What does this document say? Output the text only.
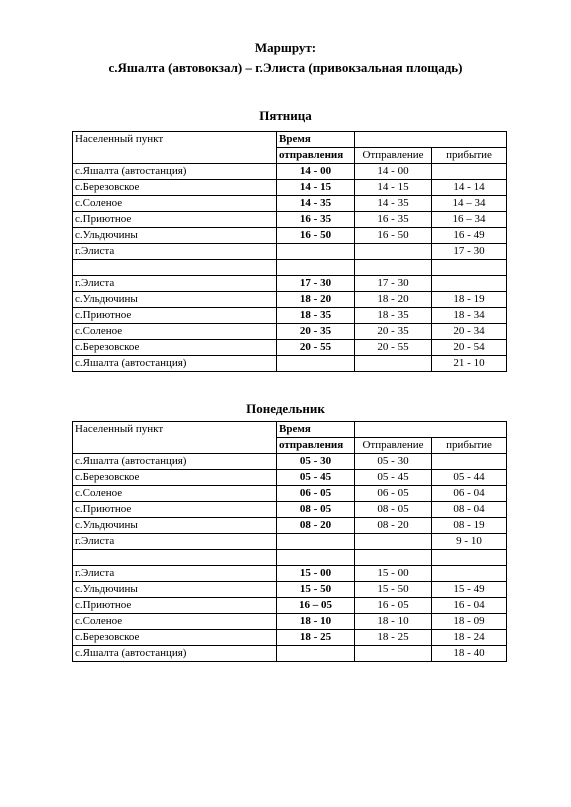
Маршрут:
с.Яшалта (автовокзал) – г.Элиста (привокзальная площадь)
Пятница
Населенный пункт	Время		
	отправления	Отправление	прибытие
с.Яшалта (автостанция)	14 - 00	14 - 00	
с.Березовское	14 - 15	14 - 15	14 - 14
с.Соленое	14 - 35	14 - 35	14 – 34
с.Приютное	16 - 35	16 - 35	16 – 34
с.Ульдючины	16 - 50	16 - 50	16 - 49
г.Элиста			17 - 30

г.Элиста	17 - 30	17 - 30	
с.Ульдючины	18 - 20	18 - 20	18 - 19
с.Приютное	18 - 35	18 - 35	18 - 34
с.Соленое	20 - 35	20 - 35	20 - 34
с.Березовское	20 - 55	20 - 55	20 - 54
с.Яшалта (автостанция)			21 - 10
Понедельник
Населенный пункт	Время		
	отправления	Отправление	прибытие
с.Яшалта (автостанция)	05 - 30	05 - 30	
с.Березовское	05 - 45	05 - 45	05 - 44
с.Соленое	06 - 05	06 - 05	06 - 04
с.Приютное	08 - 05	08 - 05	08 - 04
с.Ульдючины	08 - 20	08 - 20	08 - 19
г.Элиста			9 - 10

г.Элиста	15 - 00	15 - 00	
с.Ульдючины	15 - 50	15 - 50	15 - 49
с.Приютное	16 – 05	16 - 05	16 - 04
с.Соленое	18 - 10	18 - 10	18 - 09
с.Березовское	18 - 25	18 - 25	18 - 24
с.Яшалта (автостанция)			18 - 40
